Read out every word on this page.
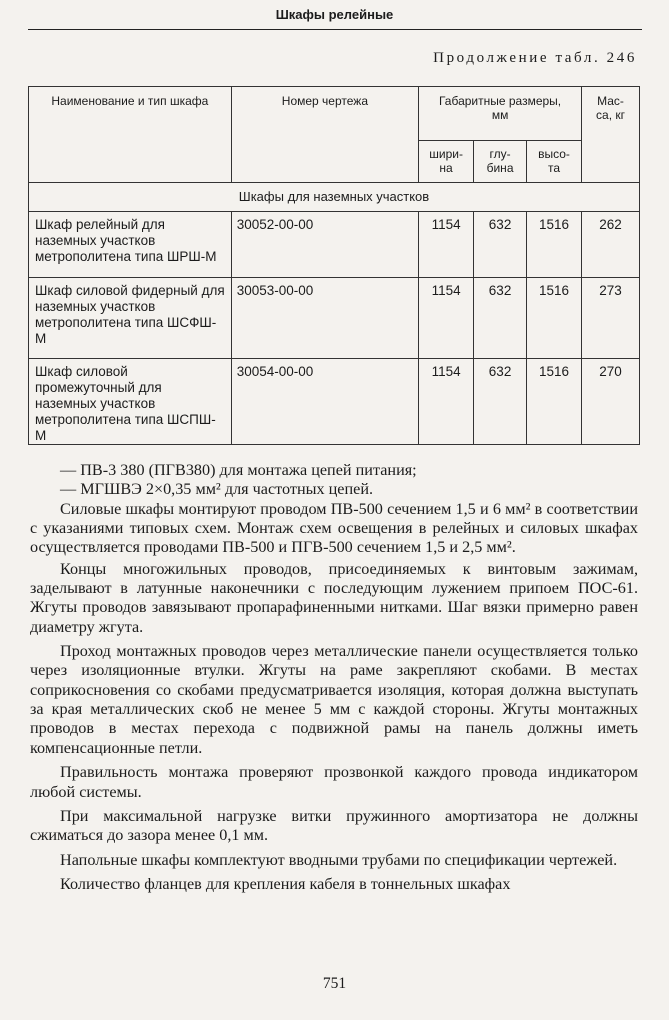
Шкафы релейные
Продолжение табл. 246
Наименование и тип шкафа	Номер чертежа	Габаритные размеры, мм			Мас- са, кг
		шири- на	глу- бина	высо- та	
Шкафы для наземных участков					
Шкаф релейный для наземных участков метрополитена типа ШРШ-М	30052-00-00	1154	632	1516	262
Шкаф силовой фидерный для наземных участков метрополитена типа ШСФШ-М	30053-00-00	1154	632	1516	273
Шкаф силовой промежуточный для наземных участков метрополитена типа ШСПШ-М	30054-00-00	1154	632	1516	270

— ПВ-3 380 (ПГВ380) для монтажа цепей питания;

— МГШВЭ 2×0,35 мм² для частотных цепей.

Силовые шкафы монтируют проводом ПВ-500 сечением 1,5 и 6 мм² в соответствии с указаниями типовых схем. Монтаж схем освещения в релейных и силовых шкафах осуществляется проводами ПВ-500 и ПГВ-500 сечением 1,5 и 2,5 мм².

Концы многожильных проводов, присоединяемых к винтовым зажимам, заделывают в латунные наконечники с последующим лужением припоем ПОС-61. Жгуты проводов завязывают пропарафиненными нитками. Шаг вязки примерно равен диаметру жгута.

Проход монтажных проводов через металлические панели осуществляется только через изоляционные втулки. Жгуты на раме закрепляют скобами. В местах соприкосновения со скобами предусматривается изоляция, которая должна выступать за края металлических скоб не менее 5 мм с каждой стороны. Жгуты монтажных проводов в местах перехода с подвижной рамы на панель должны иметь компенсационные петли.

Правильность монтажа проверяют прозвонкой каждого провода индикатором любой системы.

При максимальной нагрузке витки пружинного амортизатора не должны сжиматься до зазора менее 0,1 мм.

Напольные шкафы комплектуют вводными трубами по спецификации чертежей.

Количество фланцев для крепления кабеля в тоннельных шкафах

751
